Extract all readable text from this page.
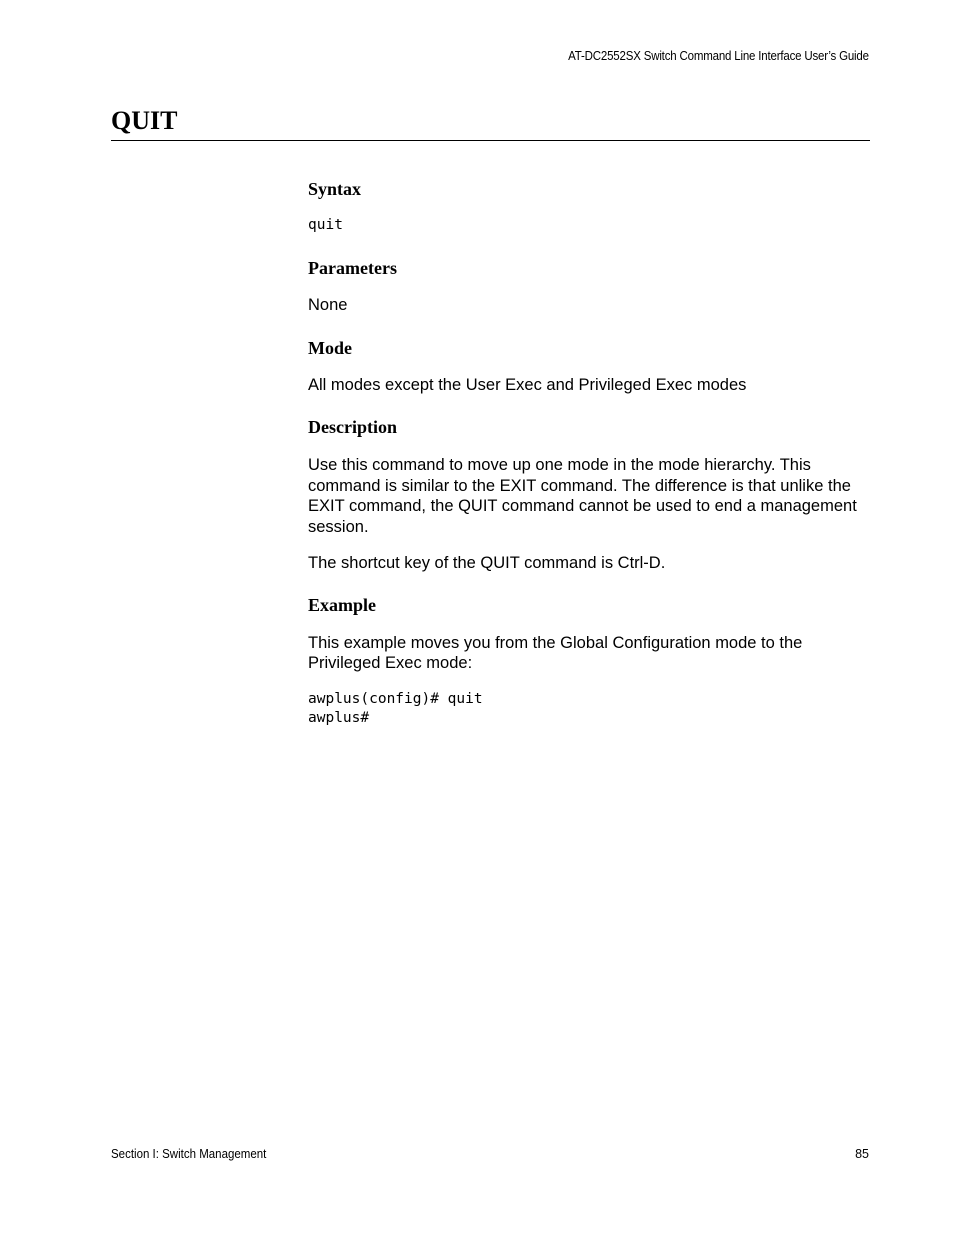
AT-DC2552SX Switch Command Line Interface User’s Guide
QUIT
Syntax

quit

Parameters

None

Mode

All modes except the User Exec and Privileged Exec modes

Description

Use this command to move up one mode in the mode hierarchy. This command is similar to the EXIT command. The difference is that unlike the EXIT command, the QUIT command cannot be used to end a management session.

The shortcut key of the QUIT command is Ctrl-D.

Example

This example moves you from the Global Configuration mode to the Privileged Exec mode:

awplus(config)# quit

awplus#

Section I: Switch Management	85
